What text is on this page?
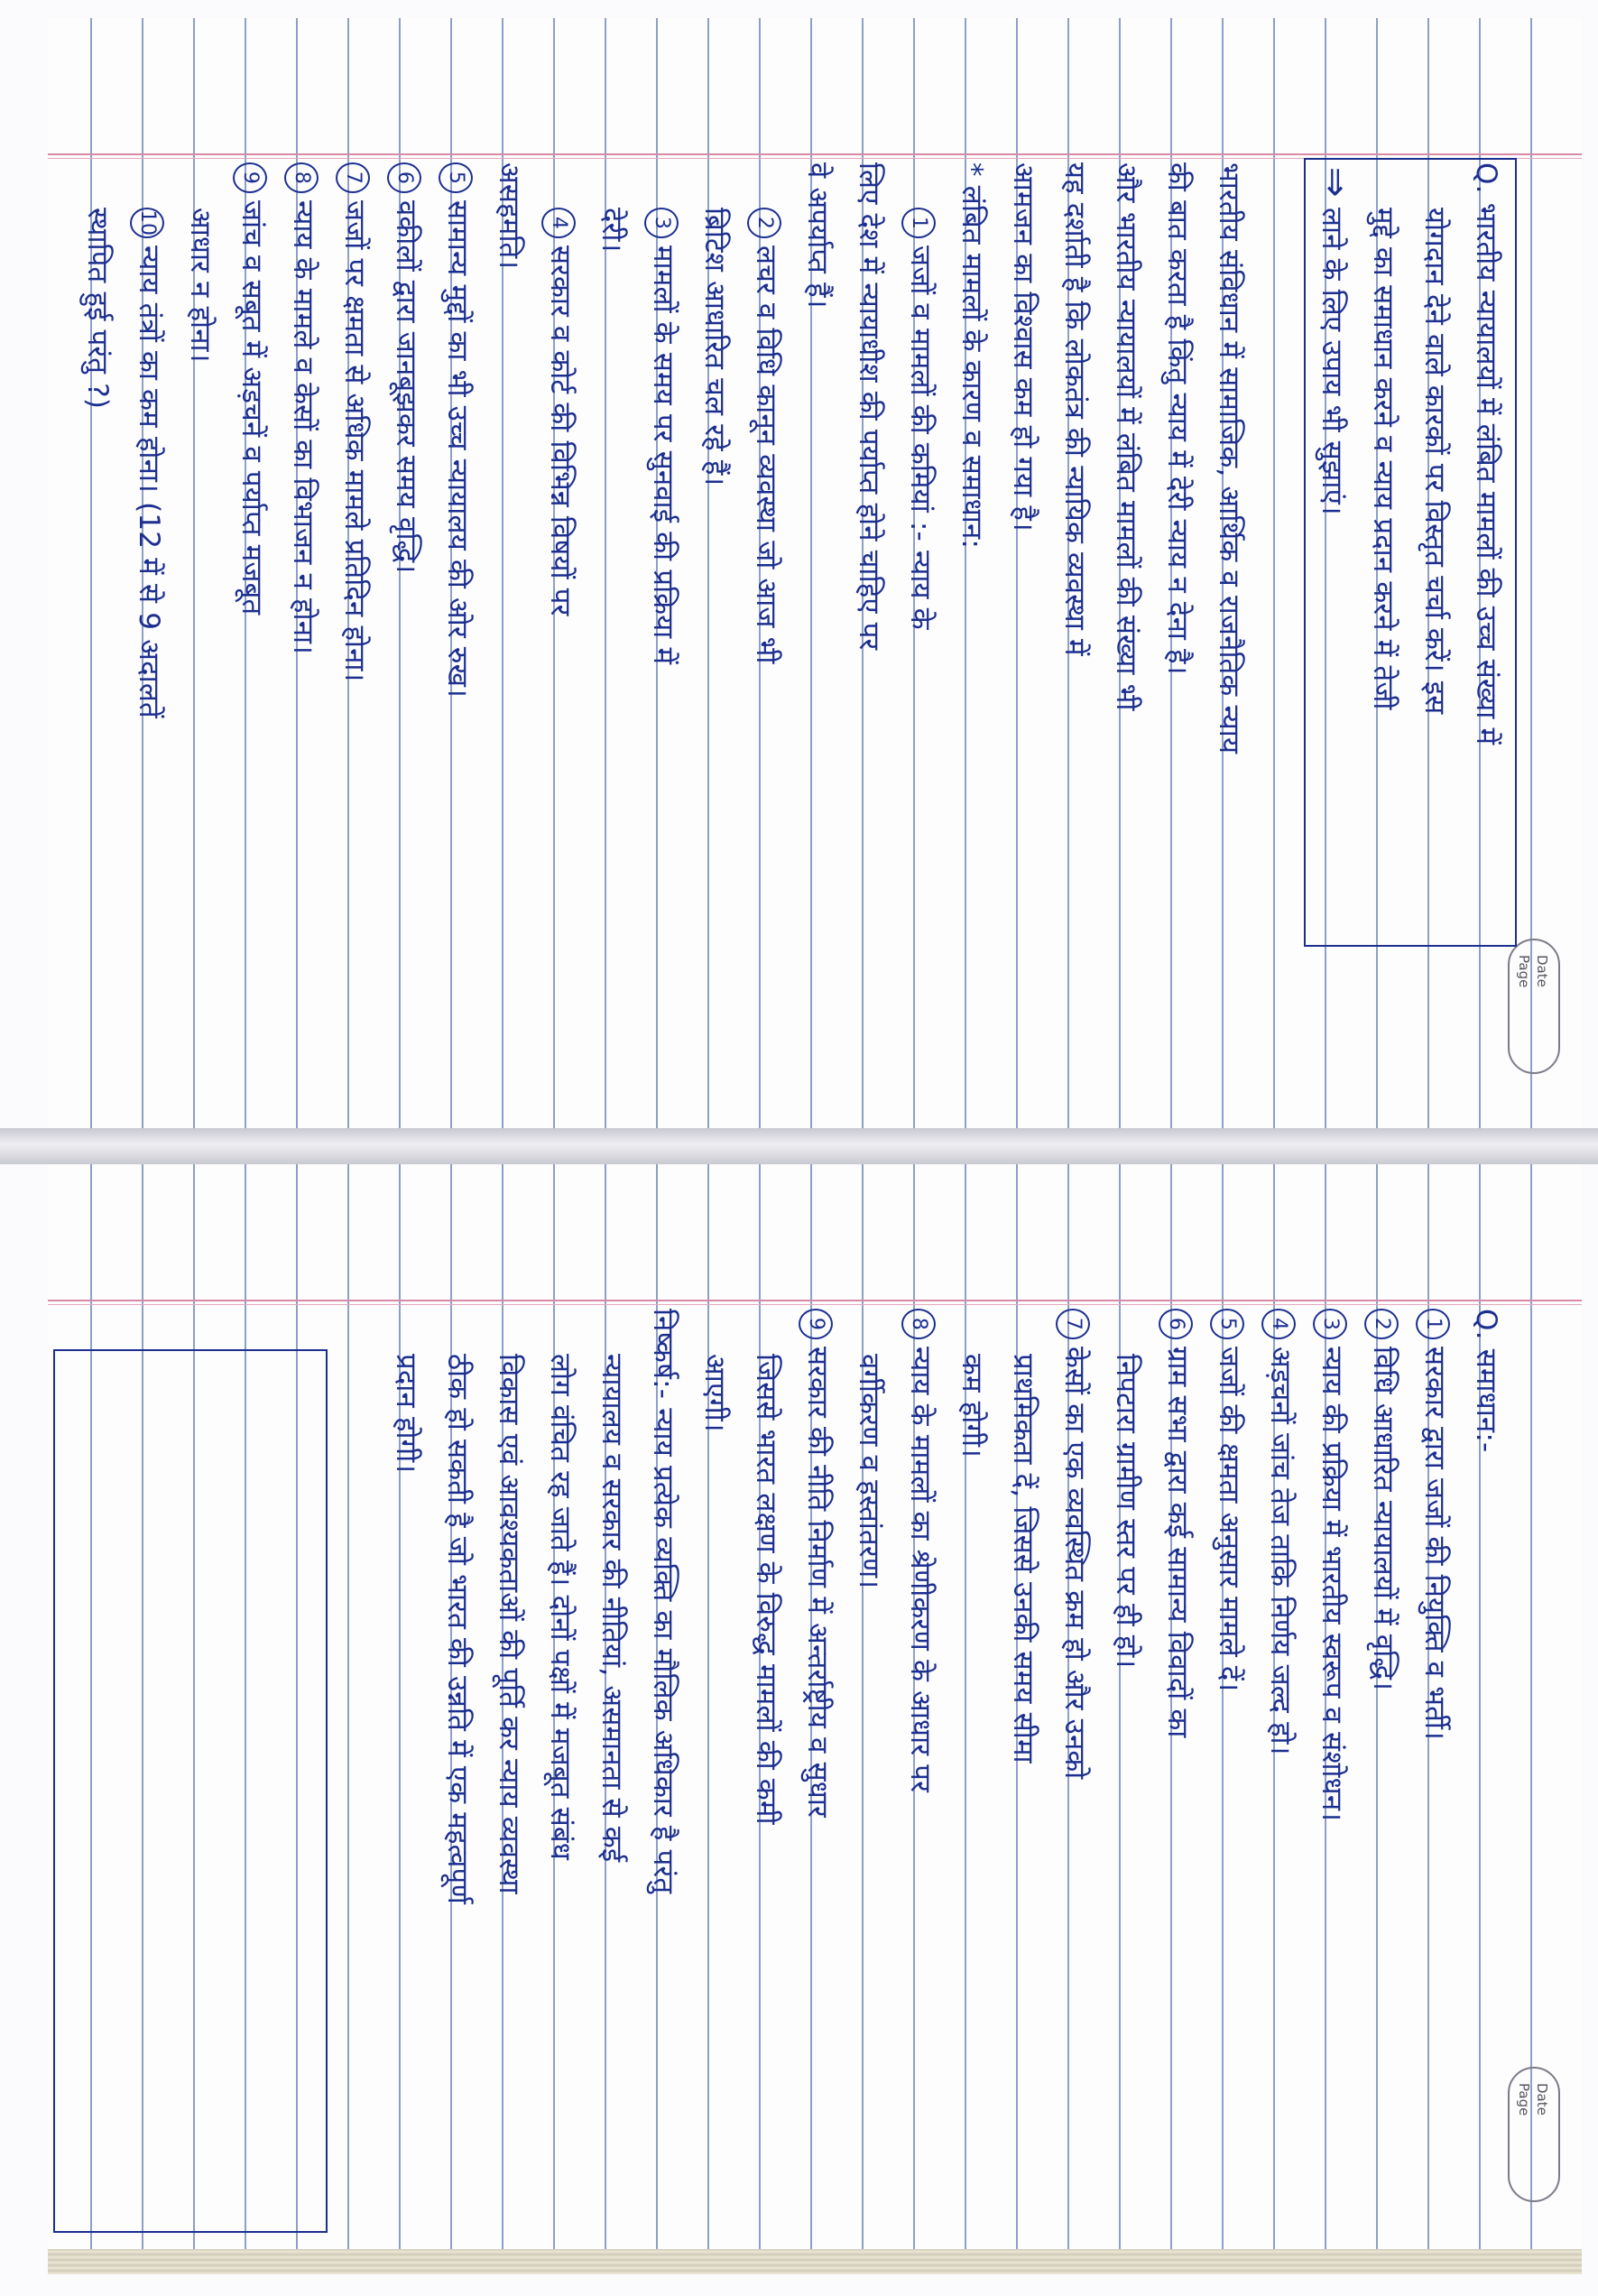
Date
Page
Q. भारतीय न्यायालयों में लंबित मामलों की उच्च संख्या में
योगदान देने वाले कारकों पर विस्तृत चर्चा करें। इस
मुद्दे का समाधान करने व न्याय प्रदान करने में तेजी
लाने के लिए उपाय भी सुझाएं।
भारतीय संविधान में सामाजिक, आर्थिक व राजनैतिक न्याय
की बात करता है किंतु न्याय में देरी न्याय न देना है।
और भारतीय न्यायालयों में लंबित मामलों की संख्या भी
यह दर्शाती है कि लोकतंत्र की न्यायिक व्यवस्था में
आमजन का विश्वास कम हो गया है।
* लंबित मामलों के कारण व समाधान:
1जजों व मामलों की कमियां :- न्याय के
लिए देश में न्यायाधीश की पर्याप्त होने चाहिए पर
वे अपर्याप्त हैं।
2लचर व विधि कानून व्यवस्था जो आज भी
ब्रिटिश आधारित चल रहे हैं।
3मामलों के समय पर सुनवाई की प्रक्रिया में
देरी।
4सरकार व कोर्ट की विभिन्न विषयों पर
असहमति।
5सामान्य मुद्दों का भी उच्च न्यायालय की ओर रुख।
6वकीलों द्वारा जानबूझकर समय वृद्धि।
7जजों पर क्षमता से अधिक मामले प्रतिदिन होना।
8न्याय के मामले व केसों का विभाजन न होना।
9जांच व सबूत में अड़चनें व पर्याप्त मजबूत
आधार न होना।
10न्याय तंत्रों का कम होना। (12 में से 9 अदालतें
स्थापित हुई परंतु ?)
⇒
Date
Page
Q. समाधान:-
1सरकार द्वारा जजों की नियुक्ति व भर्ती।
2विधि आधारित न्यायालयों में वृद्धि।
3न्याय की प्रक्रिया में भारतीय स्वरूप व संशोधन।
4अड़चनों जांच तेज ताकि निर्णय जल्द हो।
5जजों की क्षमता अनुसार मामले दें।
6ग्राम सभा द्वारा कई सामान्य विवादों का
निपटारा ग्रामीण स्तर पर ही हो।
7केसों का एक व्यवस्थित क्रम हो और उनको
प्राथमिकता दें, जिससे उनकी समय सीमा
कम होगी।
8न्याय के मामलों का श्रेणीकरण के आधार पर
वर्गीकरण व हस्तांतरण।
9सरकार की नीति निर्माण में अन्तर्राष्ट्रीय व सुधार
जिससे भारत लक्षण के विरुद्ध मामलों की कमी
आएगी।
निष्कर्ष:- न्याय प्रत्येक व्यक्ति का मौलिक अधिकार है परंतु
न्यायालय व सरकार की नीतियां, असमानता से कई
लोग वंचित रह जाते हैं। दोनों पक्षों में मजबूत संबंध
विकास एवं आवश्यकताओं की पूर्ति कर न्याय व्यवस्था
ठीक हो सकती है जो भारत की उन्नति में एक महत्वपूर्ण
प्रदान होगी।
